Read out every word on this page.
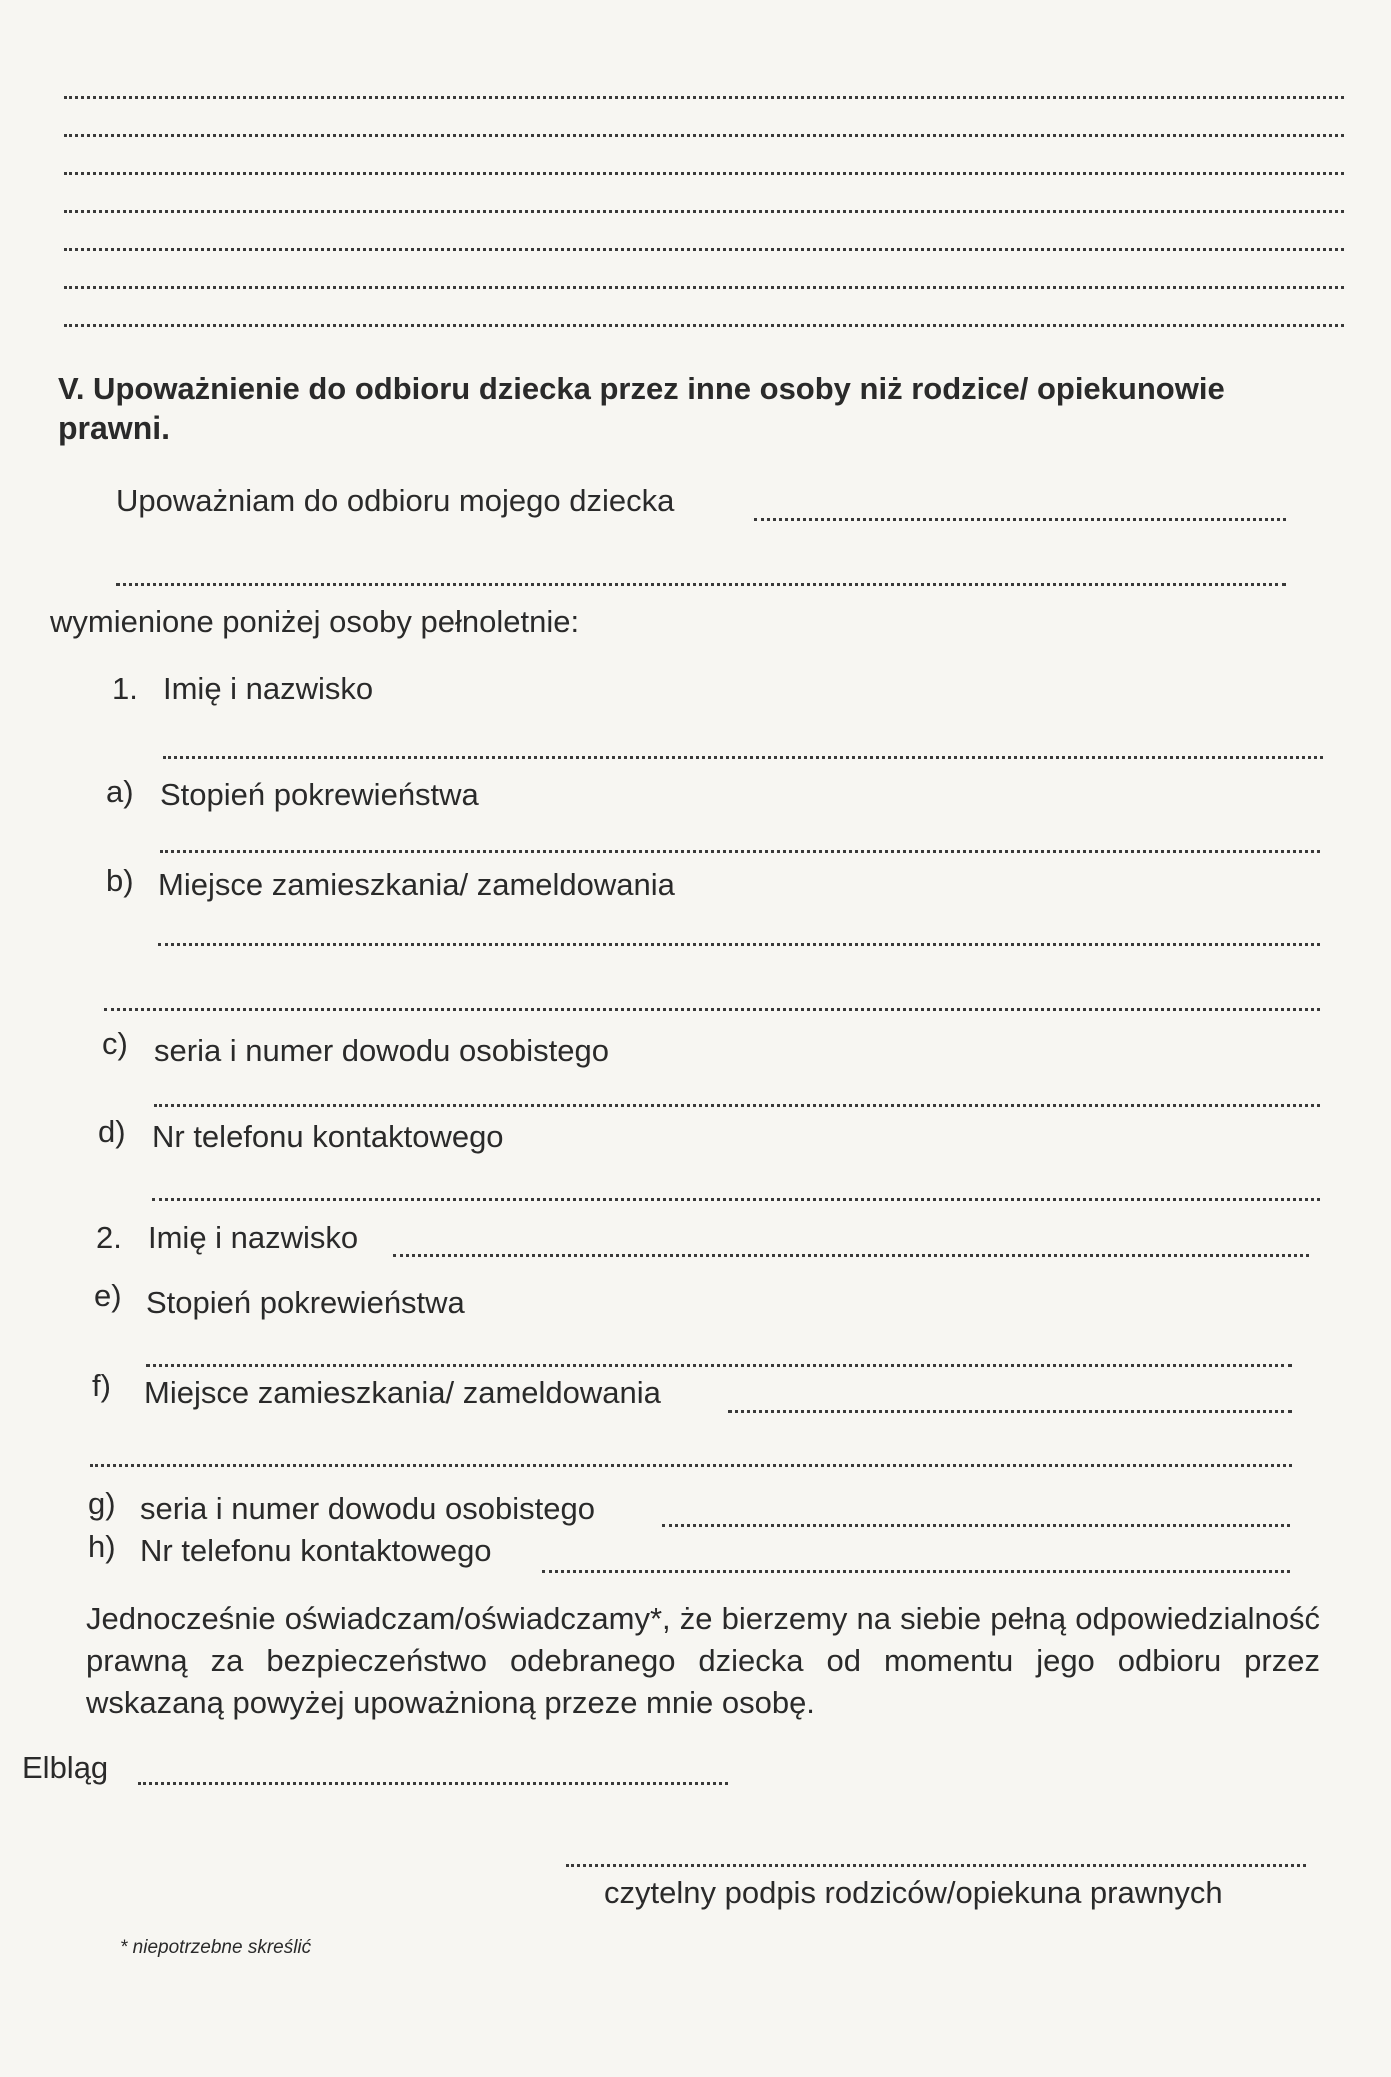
V. Upoważnienie do odbioru dziecka przez inne osoby niż rodzice/ opiekunowie
prawni.
Upoważniam do odbioru mojego dziecka
wymienione poniżej osoby pełnoletnie:
1. Imię i nazwisko
a) Stopień pokrewieństwa
b) Miejsce zamieszkania/ zameldowania
c) seria i numer dowodu osobistego
d) Nr telefonu kontaktowego
2. Imię i nazwisko
e) Stopień pokrewieństwa
f) Miejsce zamieszkania/ zameldowania
g) seria i numer dowodu osobistego
h) Nr telefonu kontaktowego
Jednocześnie oświadczam/oświadczamy*, że bierzemy na siebie pełną odpowiedzialność prawną za bezpieczeństwo odebranego dziecka od momentu jego odbioru przez wskazaną powyżej upoważnioną przeze mnie osobę.
Elbląg
czytelny podpis rodziców/opiekuna prawnych
* niepotrzebne skreślić
